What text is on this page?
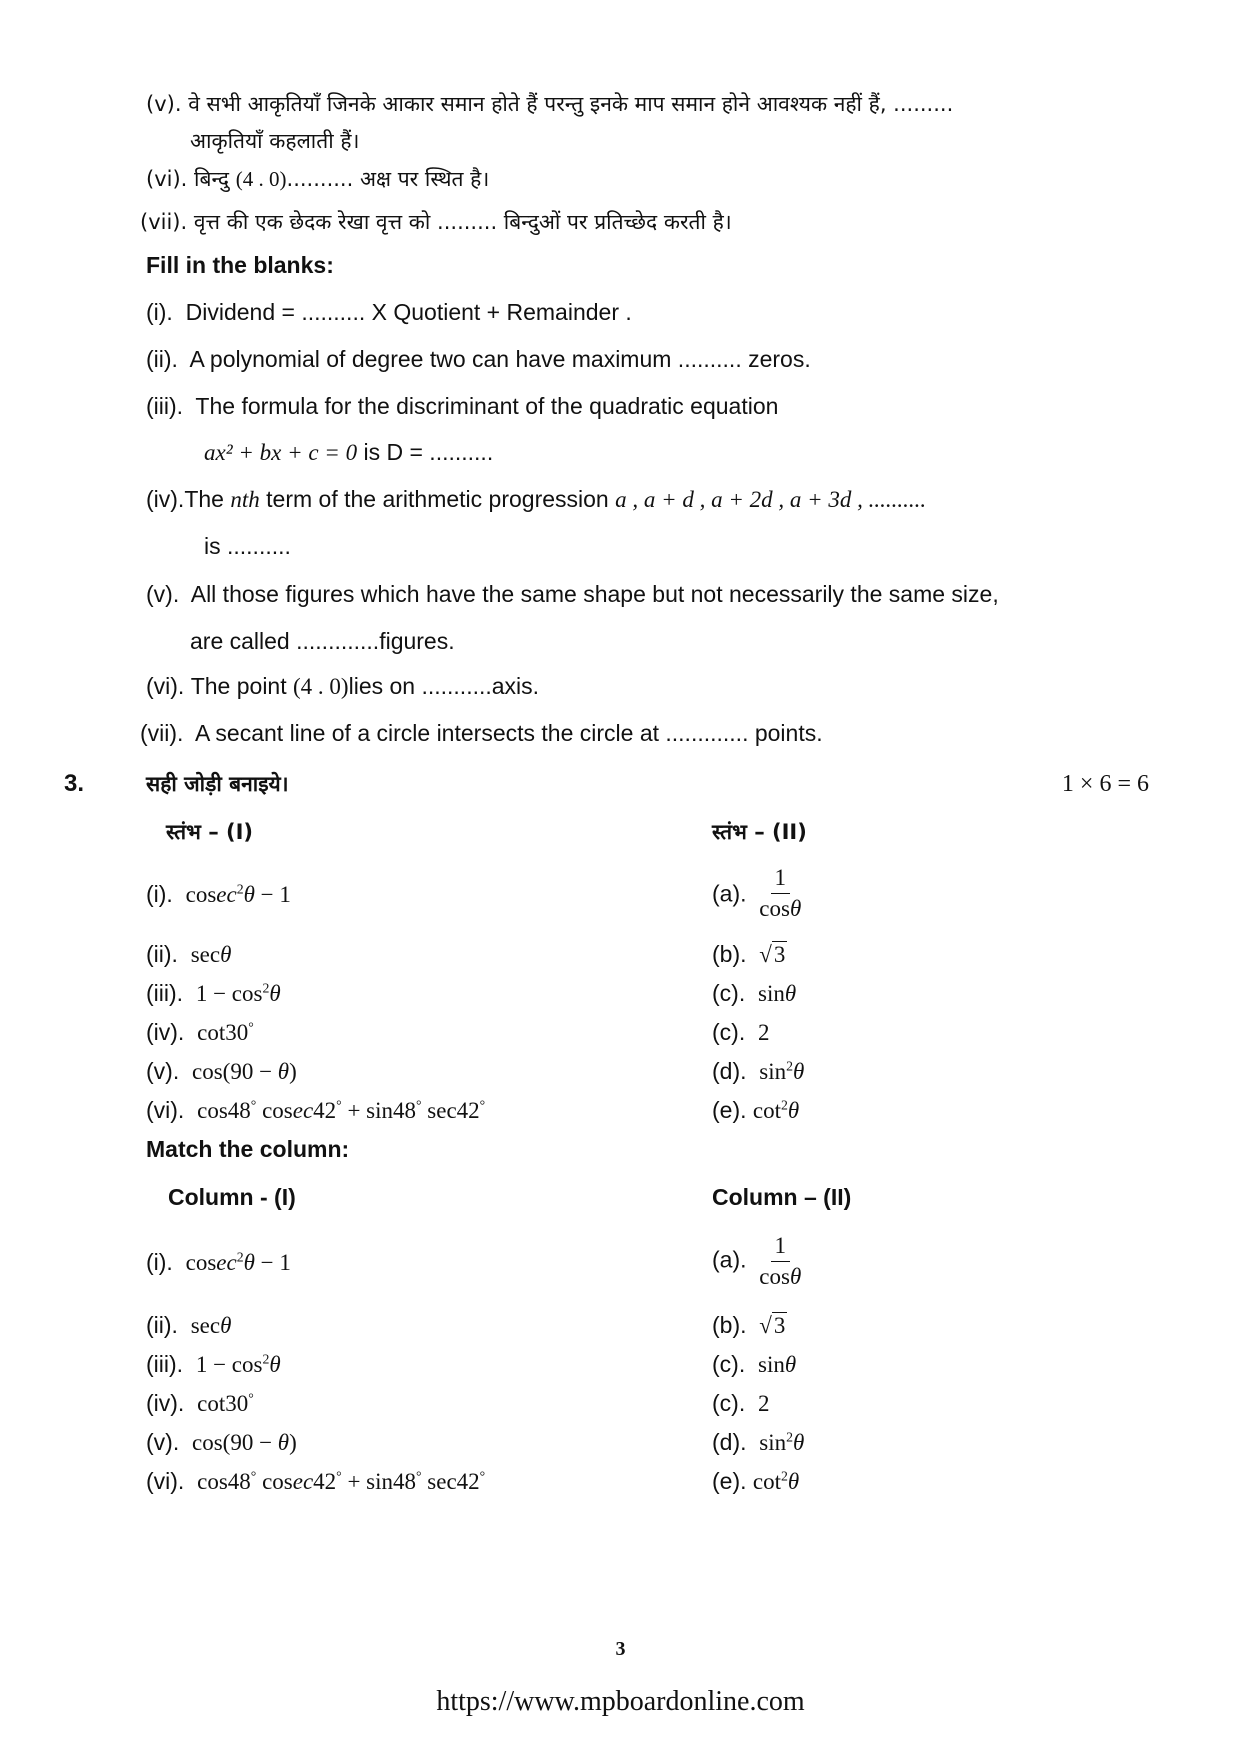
(v). वे सभी आकृतियाँ जिनके आकार समान होते हैं परन्तु इनके माप समान होने आवश्यक नहीं हैं, .........
आकृतियाँ कहलाती हैं।
(vi). बिन्दु (4 . 0).......... अक्ष पर स्थित है।
(vii). वृत्त की एक छेदक रेखा वृत्त को ......... बिन्दुओं पर प्रतिच्छेद करती है।
Fill in the blanks:
(i). Dividend = .......... X Quotient + Remainder .
(ii). A polynomial of degree two can have maximum .......... zeros.
(iii). The formula for the discriminant of the quadratic equation
ax² + bx + c = 0 is D = ..........
(iv).The nth term of the arithmetic progression a , a + d , a + 2d , a + 3d , ..........
is ..........
(v). All those figures which have the same shape but not necessarily the same size,
are called .............figures.
(vi). The point (4 . 0)lies on ...........axis.
(vii). A secant line of a circle intersects the circle at ............. points.
3.	सही जोड़ी बनाइये।	1 × 6 = 6
स्तंभ – (I)	स्तंभ – (II)
(i). cosec$^2$θ − 1	(a). $\frac{1}{\cos\theta}$
(ii). secθ	(b). √3
(iii). $1 - \cos^2\theta$	(c). sinθ
(iv). cot30°	(c). 2
(v). cos(90 − θ)	(d). $\sin^2\theta$
(vi). cos48° cosec42° + sin48° sec42°	(e). $\cot^2\theta$
Match the column:
Column - (I)	Column – (II)
(i). cosec$^2$θ − 1	(a). $\frac{1}{\cos\theta}$
(ii). secθ	(b). √3
(iii). $1 - \cos^2\theta$	(c). sinθ
(iv). cot30°	(c). 2
(v). cos(90 − θ)	(d). $\sin^2\theta$
(vi). cos48° cosec42° + sin48° sec42°	(e). $\cot^2\theta$
3
https://www.mpboardonline.com
